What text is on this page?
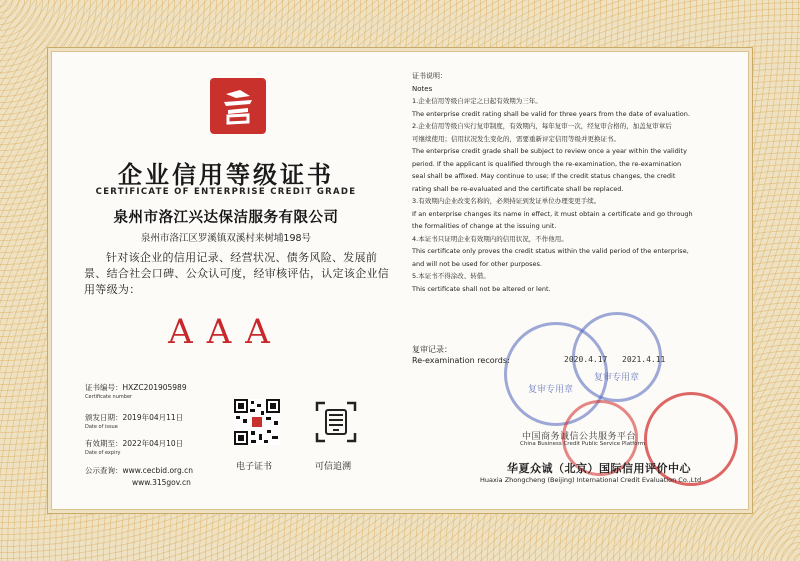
企业信用等级证书
CERTIFICATE OF ENTERPRISE CREDIT GRADE
泉州市洛江兴达保洁服务有限公司
泉州市洛江区罗溪镇双溪村来树埔198号
针对该企业的信用记录、经营状况、债务风险、发展前景、结合社会口碑、公众认可度，经审核评估，认定该企业信用等级为：
AAA
证书编号：HXZC201905989
Certificate number
颁发日期：2019年04月11日
Date of issue
有效期至：2022年04月10日
Date of expiry
公示查询：www.cecbid.org.cn
www.315gov.cn
电子证书	可信追溯
证书说明：
Notes
1.企业信用等级自评定之日起有效期为三年。
The enterprise credit rating shall be valid for three years from the date of evaluation.
2.企业信用等级自实行复审制度，有效期内，每年复审一次，经复审合格的，加盖复审章后
可继续使用；信用状况发生变化的，需要重新评定信用等级并更换证书。
The enterprise credit grade shall be subject to review once a year within the validity
period. If the applicant is qualified through the re-examination, the re-examination
seal shall be affixed. May continue to use; If the credit status changes, the credit
rating shall be re-evaluated and the certificate shall be replaced.
3.有效期内企业改变名称的，必须持证到发证单位办理变更手续。
If an enterprise changes its name in effect, it must obtain a certificate and go through
the formalities of change at the issuing unit.
4.本证书只证明企业有效期内的信用状况，不作他用。
This certificate only proves the credit status within the valid period of the enterprise,
and will not be used for other purposes.
5.本证书不得涂改、转借。
This certificate shall not be altered or lent.
复审专用章
复审专用章
复审记录：
Re-examination records:	2020.4.17 2021.4.11
中国商务诚信公共服务平台
China Business Credit Public Service Platform
华夏众诚（北京）国际信用评价中心
Huaxia Zhongcheng (Beijing) International Credit Evaluation Co.,Ltd.
